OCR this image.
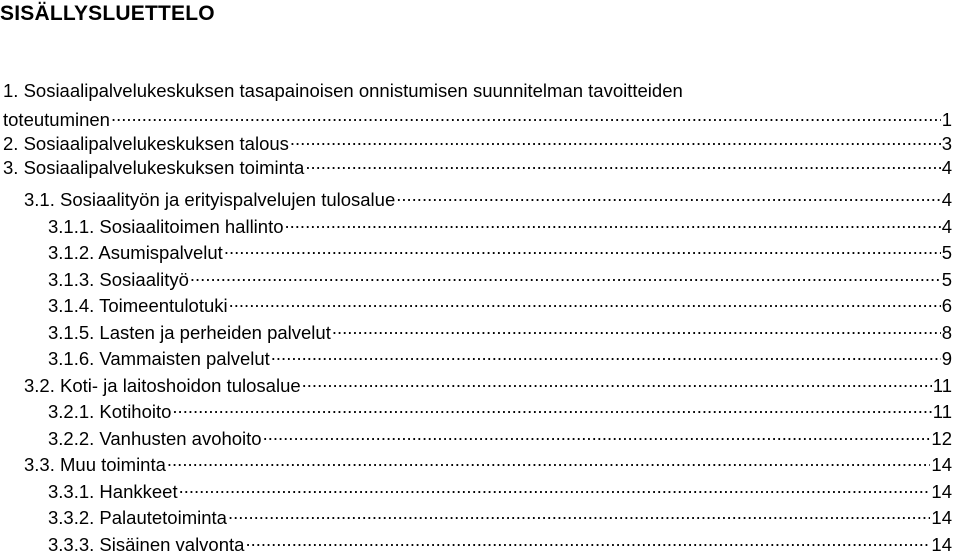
SISÄLLYSLUETTELO
1. Sosiaalipalvelukeskuksen tasapainoisen onnistumisen suunnitelman tavoitteiden
toteutuminen .....	1
2. Sosiaalipalvelukeskuksen talous .....	3
3. Sosiaalipalvelukeskuksen toiminta .....	4
3.1. Sosiaalityön ja erityispalvelujen tulosalue .....	4
3.1.1. Sosiaalitoimen hallinto .....	4
3.1.2. Asumispalvelut .....	5
3.1.3. Sosiaalityö .....	5
3.1.4. Toimeentulotuki .....	6
3.1.5. Lasten ja perheiden palvelut .....	8
3.1.6. Vammaisten palvelut .....	9
3.2. Koti- ja laitoshoidon tulosalue .....	11
3.2.1. Kotihoito .....	11
3.2.2. Vanhusten avohoito .....	12
3.3. Muu toiminta .....	14
3.3.1. Hankkeet .....	14
3.3.2. Palautetoiminta .....	14
3.3.3. Sisäinen valvonta .....	14
